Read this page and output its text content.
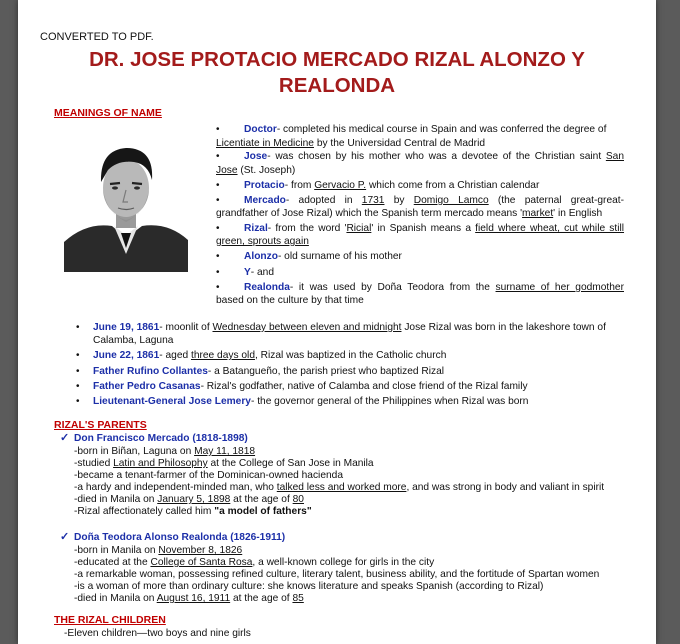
CONVERTED TO PDF.
DR. JOSE PROTACIO MERCADO RIZAL ALONZO Y
REALONDA
MEANINGS OF NAME
• Doctor- completed his medical course in Spain and was conferred the degree of
Licentiate in Medicine by the Universidad Central de Madrid
• Jose- was chosen by his mother who was a devotee of the Christian saint San
Jose (St. Joseph)
• Protacio- from Gervacio P. which come from a Christian calendar
• Mercado- adopted in 1731 by Domigo Lamco (the paternal great-great-
grandfather of Jose Rizal) which the Spanish term mercado means 'market' in English
• Rizal- from the word 'Ricial' in Spanish means a field where wheat, cut while still
green, sprouts again
• Alonzo- old surname of his mother
• Y- and
• Realonda- it was used by Doña Teodora from the surname of her godmother
based on the culture by that time
• June 19, 1861- moonlit of Wednesday between eleven and midnight Jose Rizal was born in the lakeshore town of
Calamba, Laguna
• June 22, 1861- aged three days old, Rizal was baptized in the Catholic church
• Father Rufino Collantes- a Batangueño, the parish priest who baptized Rizal
• Father Pedro Casanas- Rizal's godfather, native of Calamba and close friend of the Rizal family
• Lieutenant-General Jose Lemery- the governor general of the Philippines when Rizal was born
RIZAL'S PARENTS
✓ Don Francisco Mercado (1818-1898)
-born in Biñan, Laguna on May 11, 1818
-studied Latin and Philosophy at the College of San Jose in Manila
-became a tenant-farmer of the Dominican-owned hacienda
-a hardy and independent-minded man, who talked less and worked more, and was strong in body and valiant in spirit
-died in Manila on January 5, 1898 at the age of 80
-Rizal affectionately called him "a model of fathers"
✓ Doña Teodora Alonso Realonda (1826-1911)
-born in Manila on November 8, 1826
-educated at the College of Santa Rosa, a well-known college for girls in the city
-a remarkable woman, possessing refined culture, literary talent, business ability, and the fortitude of Spartan women
-is a woman of more than ordinary culture: she knows literature and speaks Spanish (according to Rizal)
-died in Manila on August 16, 1911 at the age of 85
THE RIZAL CHILDREN
-Eleven children—two boys and nine girls
